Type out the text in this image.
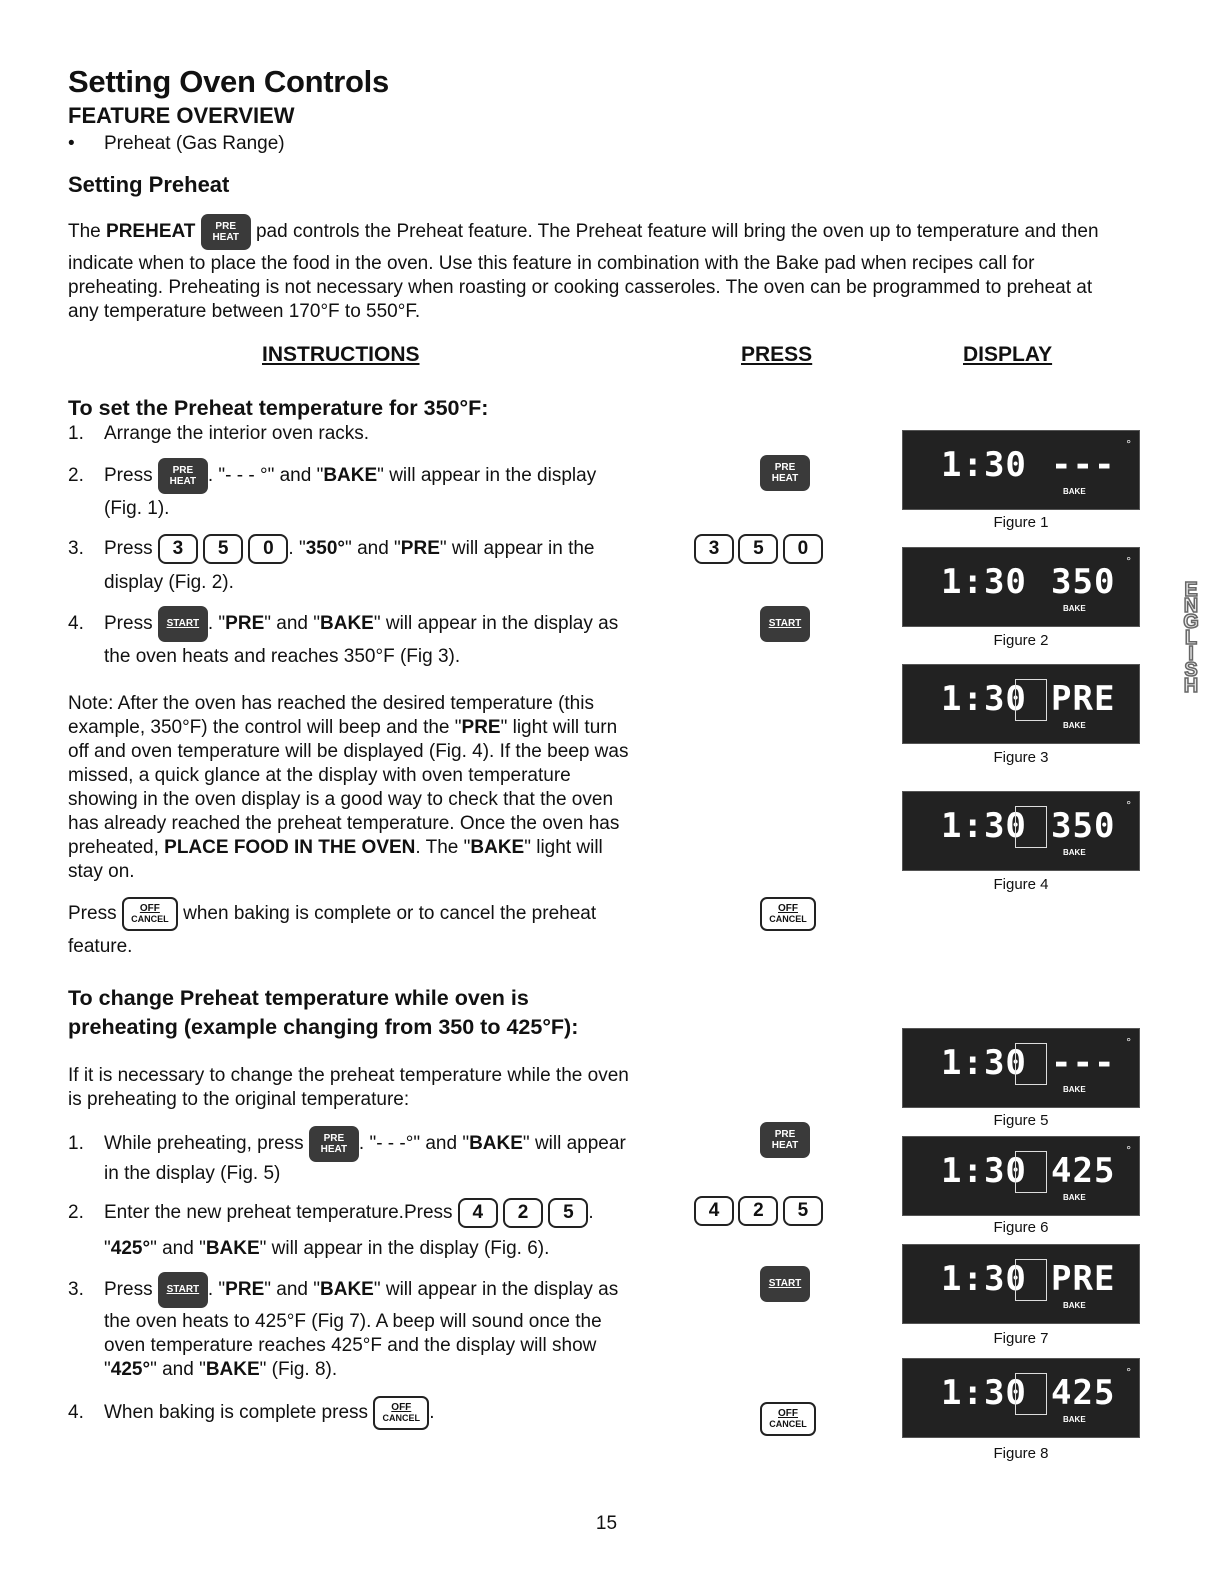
Setting Oven Controls
FEATURE OVERVIEW
• Preheat (Gas Range)
Setting Preheat
The PREHEAT PRE
HEAT pad controls the Preheat feature. The Preheat feature will bring the oven up to temperature and then
indicate when to place the food in the oven. Use this feature in combination with the Bake pad when recipes call for
preheating. Preheating is not necessary when roasting or cooking casseroles. The oven can be programmed to preheat at
any temperature between 170°F to 550°F.
INSTRUCTIONS	PRESS	DISPLAY
To set the Preheat temperature for 350°F:
1. Arrange the interior oven racks.
2. Press PRE
HEAT . "- - - °" and "BAKE" will appear in the display
(Fig. 1).
3. Press 3 5 0 . "350°" and "PRE" will appear in the
display (Fig. 2).
4. Press START . "PRE" and "BAKE" will appear in the display as
the oven heats and reaches 350°F (Fig 3).
Note: After the oven has reached the desired temperature (this
example, 350°F) the control will beep and the "PRE" light will turn
off and oven temperature will be displayed (Fig. 4). If the beep was
missed, a quick glance at the display with oven temperature
showing in the oven display is a good way to check that the oven
has already reached the preheat temperature. Once the oven has
preheated, PLACE FOOD IN THE OVEN. The "BAKE" light will
stay on.
Press OFF
CANCEL when baking is complete or to cancel the preheat
feature.
PRE
HEAT
3 5 0
START
OFF
CANCEL
To change Preheat temperature while oven is
preheating (example changing from 350 to 425°F):
If it is necessary to change the preheat temperature while the oven
is preheating to the original temperature:
1. While preheating, press PRE
HEAT . "- - -°" and "BAKE" will appear
in the display (Fig. 5)
2. Enter the new preheat temperature.Press 4 2 5 .
"425°" and "BAKE" will appear in the display (Fig. 6).
3. Press START . "PRE" and "BAKE" will appear in the display as
the oven heats to 425°F (Fig 7). A beep will sound once the
oven temperature reaches 425°F and the display will show
"425°" and "BAKE" (Fig. 8).
4. When baking is complete press OFF
CANCEL .
PRE
HEAT
4 2 5
START
OFF
CANCEL
1:30 ---
°
BAKE
Figure 1
1:30 350
°
BAKE
Figure 2
1:30 PRE
BAKE
Figure 3
1:30 350
°
BAKE
Figure 4
1:30 ---
°
BAKE
Figure 5
1:30 425
°
BAKE
Figure 6
1:30 PRE
BAKE
Figure 7
1:30 425
°
BAKE
Figure 8
ENGLISH
15
